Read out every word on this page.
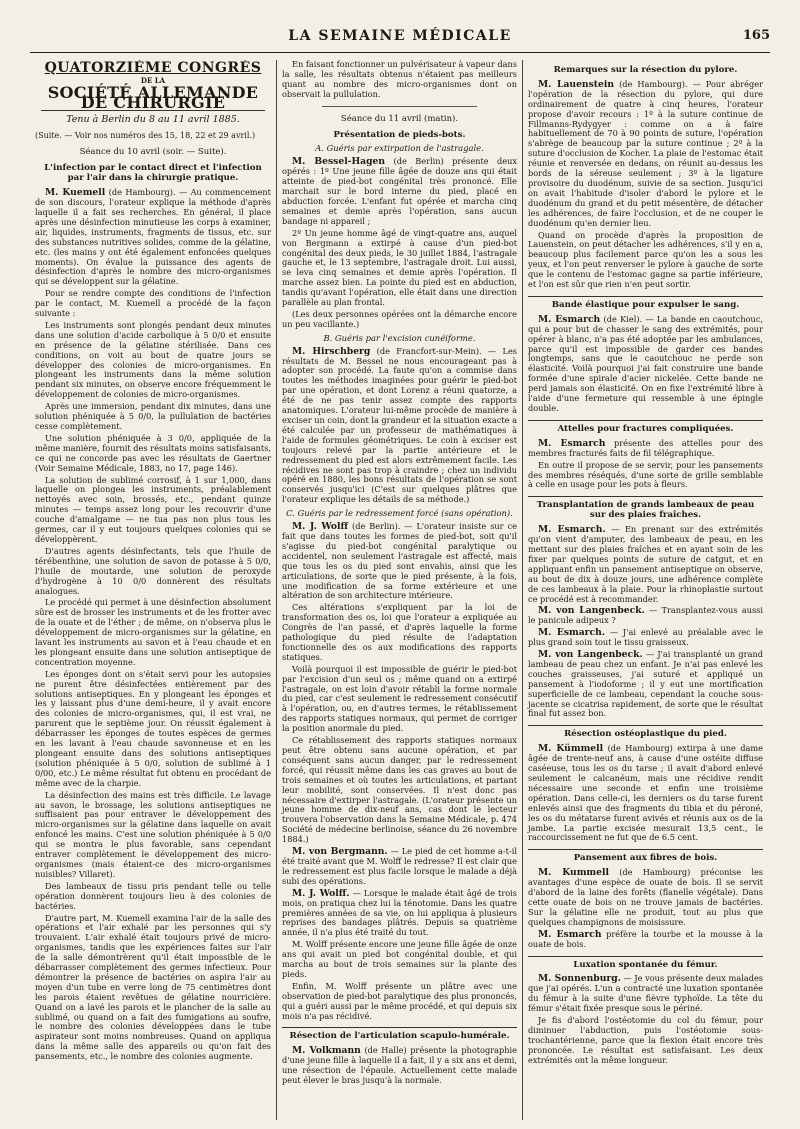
LA SEMAINE MÉDICALE	165
QUATORZIÈME CONGRÈS
DE LA
SOCIÉTÉ ALLEMANDE DE CHIRURGIE
Tenu à Berlin du 8 au 11 avril 1885.

(Suite. — Voir nos numéros des 15, 18, 22 et 29 avril.)

Séance du 10 avril (soir. — Suite).
L'infection par le contact direct et l'infection par l'air dans la chirurgie pratique.

M. Kuemell (de Hambourg). — Au commencement de son discours, l'orateur explique la méthode d'après laquelle il a fait ses recherches. En général, il place après une désinfection minutieuse les corps à examiner, air, liquides, instruments, fragments de tissus, etc. sur des substances nutritives solides, comme de la gélatine, etc. (les mains y ont été également enfoncées quelques moments). On évalue la puissance des agents de désinfection d'après le nombre des micro-organismes qui se développent sur la gélatine.

Pour se rendre compte des conditions de l'infection par le contact, M. Kuemell a procédé de la façon suivante :

Les instruments sont plongés pendant deux minutes dans une solution d'acide carbolique à 5 0/0 et ensuite en présence de la gélatine stérilisée. Dans ces conditions, on voit au bout de quatre jours se développer des colonies de micro-organismes. En plongeant les instruments dans la même solution pendant six minutes, on observe encore fréquemment le développement de colonies de micro-organismes.

Après une immersion, pendant dix minutes, dans une solution phéniquée à 5 0/0, la pullulation de bactéries cesse complètement.

Une solution phéniquée à 3 0/0, appliquée de la même manière, fournit des résultats moins satisfaisants, ce qui ne concorde pas avec les résultats de Gaertner (Voir Semaine Médicale, 1883, no 17, page 146).

La solution de sublimé corrosif, à 1 sur 1,000, dans laquelle on plongea les instruments, préalablement nettoyés avec soin, brossés, etc., pendant quinze minutes — temps assez long pour les recouvrir d'une couche d'amalgame — ne tua pas non plus tous les germes, car il y eut toujours quelques colonies qui se développèrent.

D'autres agents désinfectants, tels que l'huile de térébenthine, une solution de savon de potasse à 5 0/0, l'huile de moutarde, une solution de peroxyde d'hydrogène à 10 0/0 donnèrent des résultats analogues.

Le procédé qui permet à une désinfection absolument sûre est de brosser les instruments et de les frotter avec de la ouate et de l'éther ; de même, on n'observa plus le développement de micro-organismes sur la gélatine, en lavant les instruments au savon et à l'eau chaude et en les plongeant ensuite dans une solution antiseptique de concentration moyenne.

Les éponges dont on s'était servi pour les autopsies ne purent être désinfectées entièrement par des solutions antiseptiques. En y plongeant les éponges et les y laissant plus d'une demi-heure, il y avait encore des colonies de micro-organismes, qui, il est vrai, ne parurent que le septième jour. On réussit également à débarrasser les éponges de toutes espèces de germes en les lavant à l'eau chaude savonneuse et en les plongeant ensuite dans des solutions antiseptiques (solution phéniquée à 5 0/0, solution de sublimé à 1 0/00, etc.) Le même résultat fut obtenu en procédant de même avec de la charpie.

La désinfection des mains est très difficile. Le lavage au savon, le brossage, les solutions antiseptiques ne suffisaient pas pour entraver le développement des micro-organismes sur la gélatine dans laquelle on avait enfoncé les mains. C'est une solution phéniquée à 5 0/0 qui se montra le plus favorable, sans cependant entraver complètement le développement des micro-organismes (mais étaient-ce des micro-organismes nuisibles? Villaret).

Des lambeaux de tissu pris pendant telle ou telle opération donnèrent toujours lieu à des colonies de bactéries.

D'autre part, M. Kuemell examina l'air de la salle des opérations et l'air exhalé par les personnes qui s'y trouvaient. L'air exhalé était toujours privé de micro-organismes, tandis que les expériences faites sur l'air de la salle démontrèrent qu'il était impossible de le débarrasser complètement des germes infectieux. Pour démontrer la présence de bactéries on aspira l'air au moyen d'un tube en verre long de 75 centimètres dont les parois étaient revêtues de gélatine nourricière. Quand on a lavé les parois et le plancher de la salle au sublimé, ou quand on a fait des fumigations au soufre, le nombre des colonies développées dans le tube aspirateur sont moins nombreuses. Quand on appliqua dans la même salle des appareils ou qu'on fait des pansements, etc., le nombre des colonies augmente.

En faisant fonctionner un pulvérisateur à vapeur dans la salle, les résultats obtenus n'étaient pas meilleurs quant au nombre des micro-organismes dont on observait la pullulation.

Séance du 11 avril (matin).
Présentation de pieds-bots.
A. Guéris par extirpation de l'astragale.

M. Bessel-Hagen (de Berlin) présente deux opérés : 1º Une jeune fille âgée de douze ans qui était atteinte de pied-bot congénital très prononcé. Elle marchait sur le bord interne du pied, placé en abduction forcée. L'enfant fut opérée et marcha cinq semaines et demie après l'opération, sans aucun bandage ni appareil ;

2º Un jeune homme âgé de vingt-quatre ans, auquel von Bergmann a extirpé à cause d'un pied-bot congénital des deux pieds, le 30 juillet 1884, l'astragale gauche et, le 13 septembre, l'astragale droit. Lui aussi, se leva cinq semaines et demie après l'opération. Il marche assez bien. La pointe du pied est en abduction, tandis qu'avant l'opération, elle était dans une direction parallèle au plan frontal.

(Les deux personnes opérées ont la démarche encore un peu vacillante.)

B. Guéris par l'excision cunéiforme.

M. Hirschberg (de Francfort-sur-Mein). — Les résultats de M. Bessel ne nous encourageant pas à adopter son procédé. La faute qu'on a commise dans toutes les méthodes imaginées pour guérir le pied-bot par une opération, et dont Lorenz a réuni quatorze, a été de ne pas tenir assez compte des rapports anatomiques. L'orateur lui-même procède de manière à exciser un coin, dont la grandeur et la situation exacte a été calculée par un professeur de mathématiques à l'aide de formules géométriques. Le coin à exciser est toujours relevé par la partie antérieure et le redressement du pied est alors extrêmement facile. Les récidives ne sont pas trop à craindre ; chez un individu opéré en 1880, les bons résultats de l'opération se sont conservés jusqu'ici (C'est sur quelques plâtres que l'orateur explique les détails de sa méthode.)

C. Guéris par le redressement forcé (sans opération).

M. J. Wolff (de Berlin). — L'orateur insiste sur ce fait que dans toutes les formes de pied-bot, soit qu'il s'agisse du pied-bot congénital paralytique ou accidentel, non seulement l'astragale est affecté, mais que tous les os du pied sont envahis, ainsi que les articulations, de sorte que le pied présente, à la fois, une modification de sa forme extérieure et une altération de son architecture intérieure.

Ces altérations s'expliquent par la loi de transformation des os, loi que l'orateur a expliquée au Congrès de l'an passé, et d'après laquelle la forme pathologique du pied résulte de l'adaptation fonctionnelle des os aux modifications des rapports statiques.

Voilà pourquoi il est impossible de guérir le pied-bot par l'excision d'un seul os ; même quand on a extirpé l'astragale, on est loin d'avoir rétabli la forme normale du pied, car c'est seulement le redressement consécutif à l'opération, ou, en d'autres termes, le rétablissement des rapports statiques normaux, qui permet de corriger la position anormale du pied.

Ce rétablissement des rapports statiques normaux peut être obtenu sans aucune opération, et par conséquent sans aucun danger, par le redressement forcé, qui réussit même dans les cas graves au bout de trois semaines et où toutes les articulations, et partant leur mobilité, sont conservées. Il n'est donc pas nécessaire d'extirper l'astragale. (L'orateur présente un jeune homme de dix-neuf ans, cas dont le lecteur trouvera l'observation dans la Semaine Médicale, p. 474 Société de médecine berlinoise, séance du 26 novembre 1884.)

M. von Bergmann. — Le pied de cet homme a-t-il été traité avant que M. Wolff le redresse? Il est clair que le redressement est plus facile lorsque le malade a déjà subi des opérations.

M. J. Wolff. — Lorsque le malade était âgé de trois mois, on pratiqua chez lui la ténotomie. Dans les quatre premières années de sa vie, on lui appliqua à plusieurs reprises des bandages plâtrés. Depuis sa quatrième année, il n'a plus été traité du tout.

M. Wolff présente encore une jeune fille âgée de onze ans qui avait un pied bot congénital double, et qui marcha au bout de trois semaines sur la plante des pieds.

Enfin, M. Wolff présente un plâtre avec une observation de pied-bot paralytique des plus prononcés, qui a guéri aussi par le même procédé, et qui depuis six mois n'a pas récidivé.

Résection de l'articulation scapulo-humérale.

M. Volkmann (de Halle) présente la photographie d'une jeune fille à laquelle il a fait, il y a six ans et demi, une résection de l'épaule. Actuellement cette malade peut élever le bras jusqu'à la normale.

Remarques sur la résection du pylore.

M. Lauenstein (de Hambourg). — Pour abréger l'opération de la résection du pylore, qui dure ordinairement de quatre à cinq heures, l'orateur propose d'avoir recours : 1º à la suture continue de Fillmanns-Rydygyer : comme on a à faire habituellement de 70 à 90 points de suture, l'opération s'abrège de beaucoup par la suture continue ; 2º à la suture d'occlusion de Kocher. La plaie de l'estomac était réunie et renversée en dedans, on réunit au-dessus les bords de la séreuse seulement ; 3º à la ligature provisoire du duodénum, suivie de sa section. Jusqu'ici on avait l'habitude d'isoler d'abord le pylore et le duodénum du grand et du petit mésentère, de détacher les adhérences, de faire l'occlusion, et de ne couper le duodénum qu'en dernier lieu.

Quand on procède d'après la proposition de Lauenstein, on peut détacher les adhérences, s'il y en a, beaucoup plus facilement parce qu'on les a sous les yeux, et l'on peut renverser le pylore à gauche de sorte que le contenu de l'estomac gagne sa partie inférieure, et l'on est sûr que rien n'en peut sortir.

Bande élastique pour expulser le sang.

M. Esmarch (de Kiel). — La bande en caoutchouc, qui a pour but de chasser le sang des extrémités, pour opérer à blanc, n'a pas été adoptée par les ambulances, parce qu'il est impossible de garder ces bandes longtemps, sans que le caoutchouc ne perde son élasticité. Voilà pourquoi j'ai fait construire une bande formée d'une spirale d'acier nickelée. Cette bande ne perd jamais son élasticité. On en fixe l'extrémité libre à l'aide d'une fermeture qui ressemble à une épingle double.

Attelles pour fractures compliquées.

M. Esmarch présente des attelles pour des membres fracturés faits de fil télégraphique.

En outre il propose de se servir, pour les pansements des membres réséqués, d'une sorte de grille semblable à celle en usage pour les pots à fleurs.

Transplantation de grands lambeaux de peau sur des plaies fraîches.

M. Esmarch. — En prenant sur des extrémités qu'on vient d'amputer, des lambeaux de peau, en les mettant sur des plaies fraîches et en ayant soin de les fixer par quelques points de suture de catgut, et en appliquant enfin un pansement antiseptique on observe, au bout de dix à douze jours, une adhérence complète de ces lambeaux à la plaie. Pour la rhinoplastie surtout ce procédé est à recommander.

M. von Langenbeck. — Transplantez-vous aussi le panicule adipeux ?

M. Esmarch. — J'ai enlevé au préalable avec le plus grand soin tout le tissu graisseux.

M. von Langenbeck. — J'ai transplanté un grand lambeau de peau chez un enfant. Je n'ai pas enlevé les couches graisseuses, j'ai suturé et appliqué un pansement à l'iodoforme ; il y eut une mortification superficielle de ce lambeau, cependant la couche sous-jacente se cicatrisa rapidement, de sorte que le résultat final fut assez bon.

Résection ostéoplastique du pied.

M. Kümmell (de Hambourg) extirpa à une dame âgée de trente-neuf ans, à cause d'une ostéite diffuse caséeuse, tous les os du tarse ; il avait d'abord enlevé seulement le calcanéum, mais une récidive rendit nécessaire une seconde et enfin une troisième opération. Dans celle-ci, les derniers os du tarse furent enlevés ainsi que des fragments du tibia et du péroné, les os du métatarse furent avivés et réunis aux os de la jambe. La partie excisée mesurait 13,5 cent., le raccourcissement ne fut que de 6.5 cent.

Pansement aux fibres de bois.

M. Kummell (de Hambourg) préconise les avantages d'une espèce de ouate de bois. Il se servit d'abord de la laine des forêts (flanelle végétale). Dans cette ouate de bois on ne trouve jamais de bactéries. Sur la gélatine elle ne produit, tout au plus que quelques champignons de moisissure.

M. Esmarch préfère la tourbe et la mousse à la ouate de bois.

Luxation spontanée du fémur.

M. Sonnenburg. — Je vous présente deux malades que j'ai opérés. L'un a contracté une luxation spontanée du fémur à la suite d'une fièvre typhoïde. La tête du fémur s'était fixée presque sous le périné.

Je fis d'abord l'ostéotomie du col du fémur, pour diminuer l'abduction, puis l'ostéotomie sous-trochantérienne, parce que la flexion était encore très prononcée. Le résultat est satisfaisant. Les deux extrémités ont la même longueur.
